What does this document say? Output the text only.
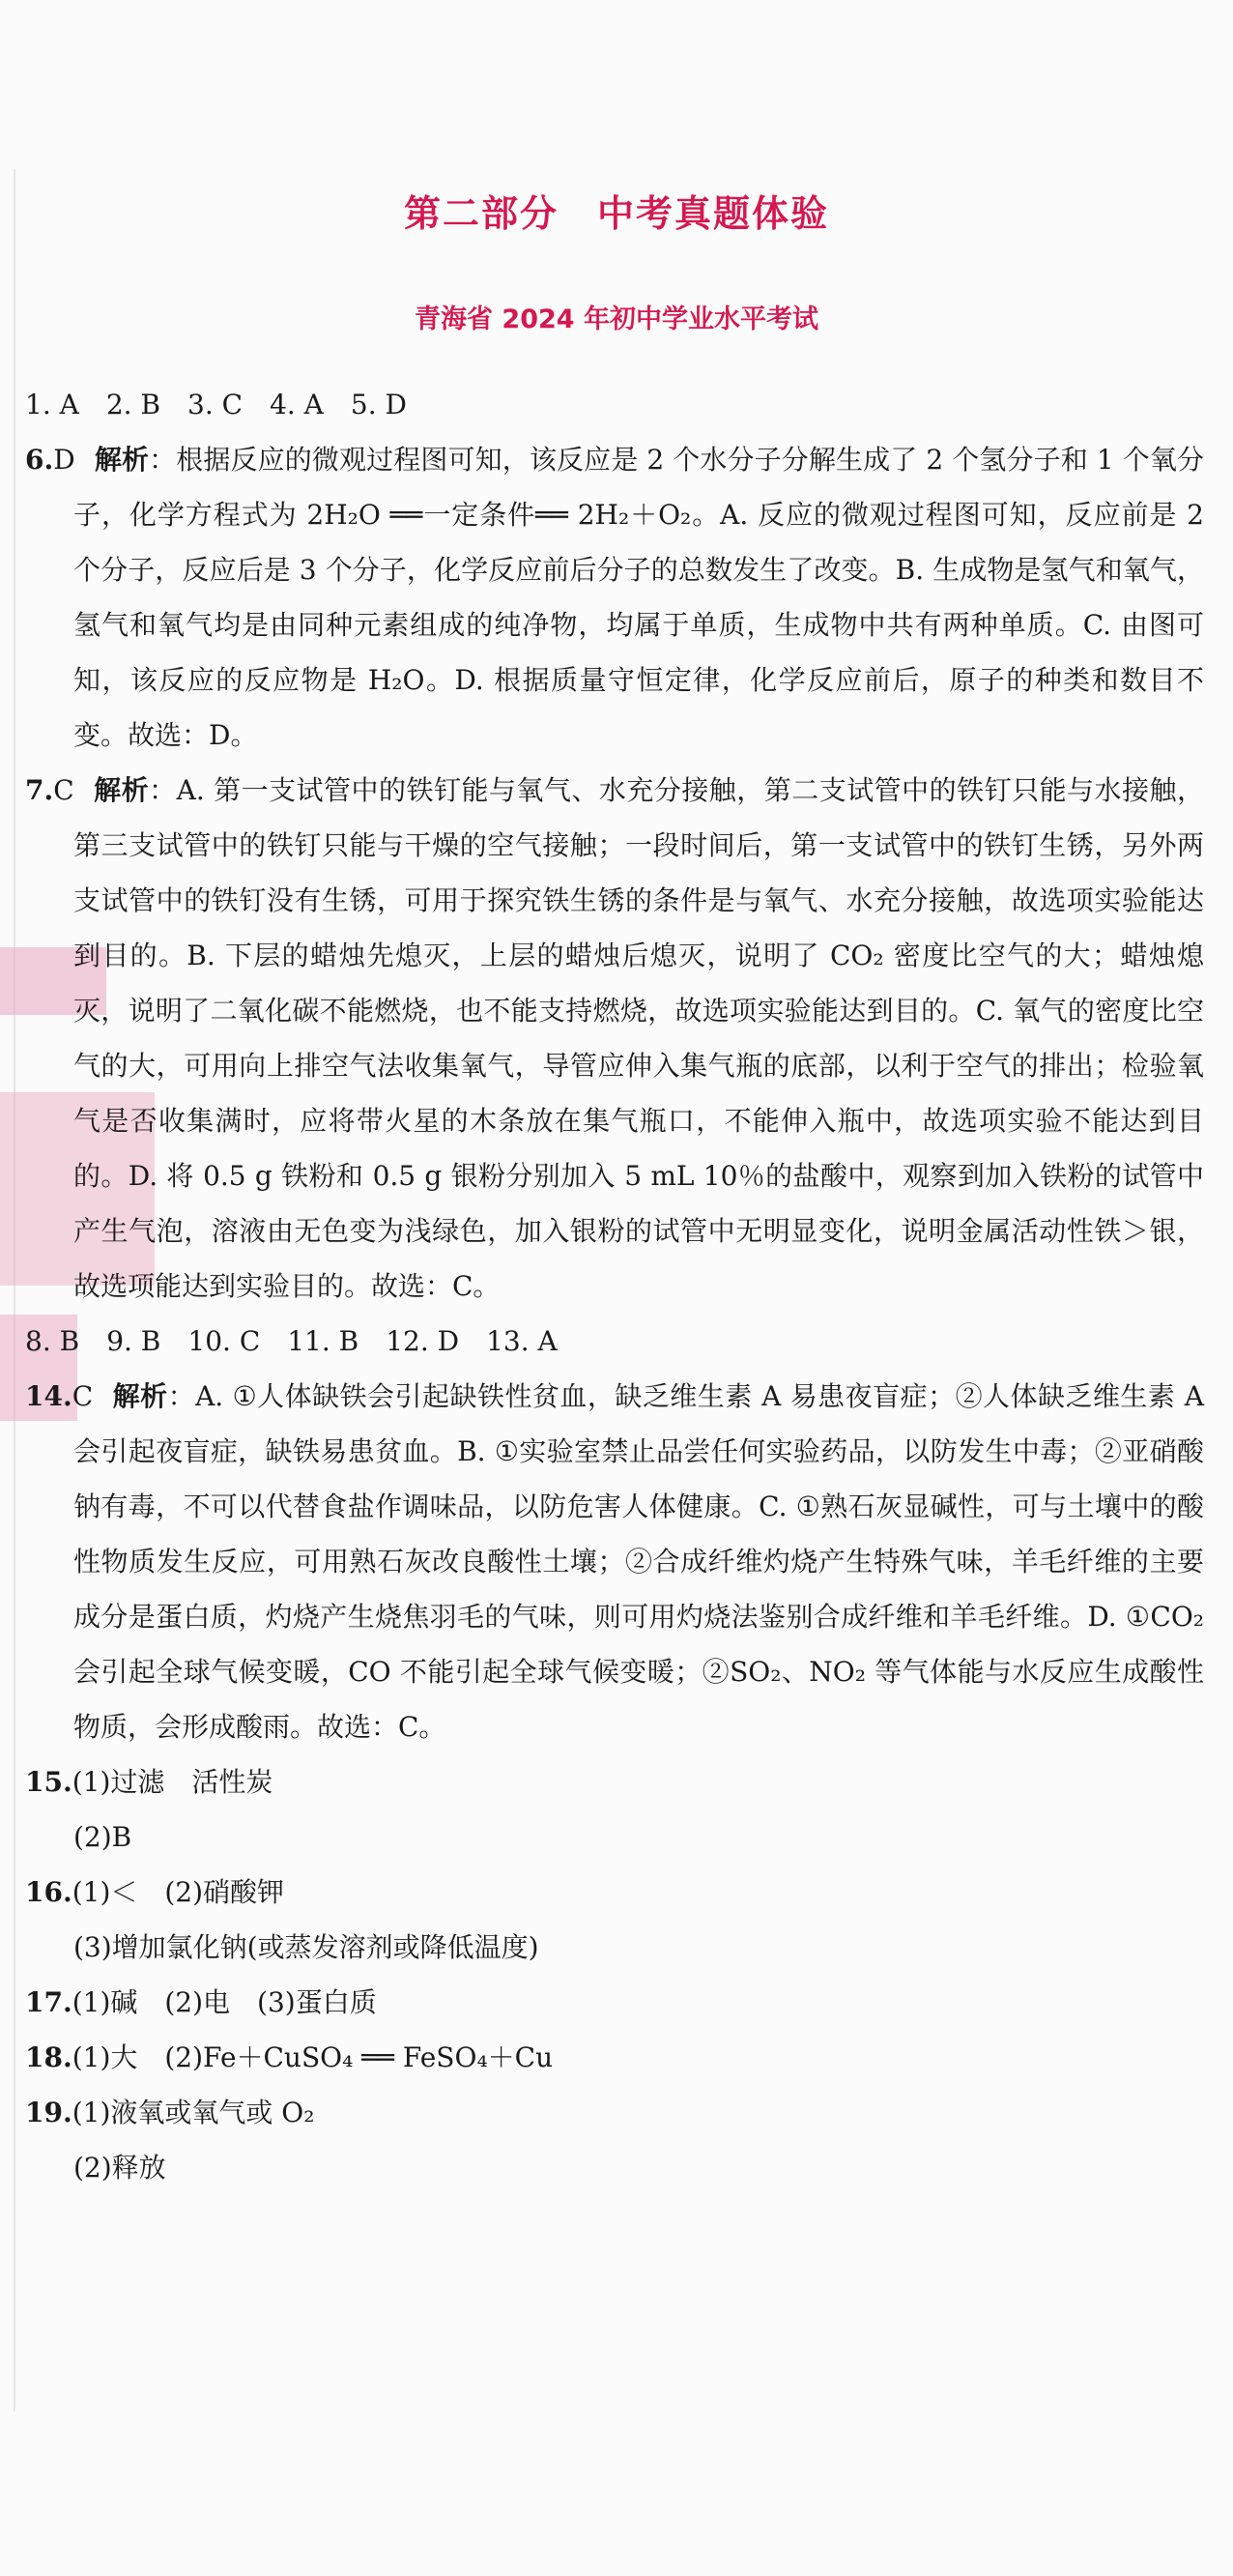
第二部分　中考真题体验
青海省 2024 年初中学业水平考试
1. A　2. B　3. C　4. A　5. D
6.D 解析：根据反应的微观过程图可知，该反应是 2 个水分子分解生成了 2 个氢分子和 1 个氧分子，化学方程式为 2H₂O ══一定条件══ 2H₂＋O₂。A. 反应的微观过程图可知，反应前是 2 个分子，反应后是 3 个分子，化学反应前后分子的总数发生了改变。B. 生成物是氢气和氧气，氢气和氧气均是由同种元素组成的纯净物，均属于单质，生成物中共有两种单质。C. 由图可知，该反应的反应物是 H₂O。D. 根据质量守恒定律，化学反应前后，原子的种类和数目不变。故选：D。
7.C 解析：A. 第一支试管中的铁钉能与氧气、水充分接触，第二支试管中的铁钉只能与水接触，第三支试管中的铁钉只能与干燥的空气接触；一段时间后，第一支试管中的铁钉生锈，另外两支试管中的铁钉没有生锈，可用于探究铁生锈的条件是与氧气、水充分接触，故选项实验能达到目的。B. 下层的蜡烛先熄灭，上层的蜡烛后熄灭，说明了 CO₂ 密度比空气的大；蜡烛熄灭，说明了二氧化碳不能燃烧，也不能支持燃烧，故选项实验能达到目的。C. 氧气的密度比空气的大，可用向上排空气法收集氧气，导管应伸入集气瓶的底部，以利于空气的排出；检验氧气是否收集满时，应将带火星的木条放在集气瓶口，不能伸入瓶中，故选项实验不能达到目的。D. 将 0.5 g 铁粉和 0.5 g 银粉分别加入 5 mL 10％的盐酸中，观察到加入铁粉的试管中产生气泡，溶液由无色变为浅绿色，加入银粉的试管中无明显变化，说明金属活动性铁＞银，故选项能达到实验目的。故选：C。
8. B　9. B　10. C　11. B　12. D　13. A
14.C 解析：A. ①人体缺铁会引起缺铁性贫血，缺乏维生素 A 易患夜盲症；②人体缺乏维生素 A 会引起夜盲症，缺铁易患贫血。B. ①实验室禁止品尝任何实验药品，以防发生中毒；②亚硝酸钠有毒，不可以代替食盐作调味品，以防危害人体健康。C. ①熟石灰显碱性，可与土壤中的酸性物质发生反应，可用熟石灰改良酸性土壤；②合成纤维灼烧产生特殊气味，羊毛纤维的主要成分是蛋白质，灼烧产生烧焦羽毛的气味，则可用灼烧法鉴别合成纤维和羊毛纤维。D. ①CO₂ 会引起全球气候变暖，CO 不能引起全球气候变暖；②SO₂、NO₂ 等气体能与水反应生成酸性物质，会形成酸雨。故选：C。
15.(1)过滤　活性炭
(2)B
16.(1)＜　(2)硝酸钾
(3)增加氯化钠(或蒸发溶剂或降低温度)
17.(1)碱　(2)电　(3)蛋白质
18.(1)大　(2)Fe＋CuSO₄ ══ FeSO₄＋Cu
19.(1)液氧或氧气或 O₂
(2)释放
